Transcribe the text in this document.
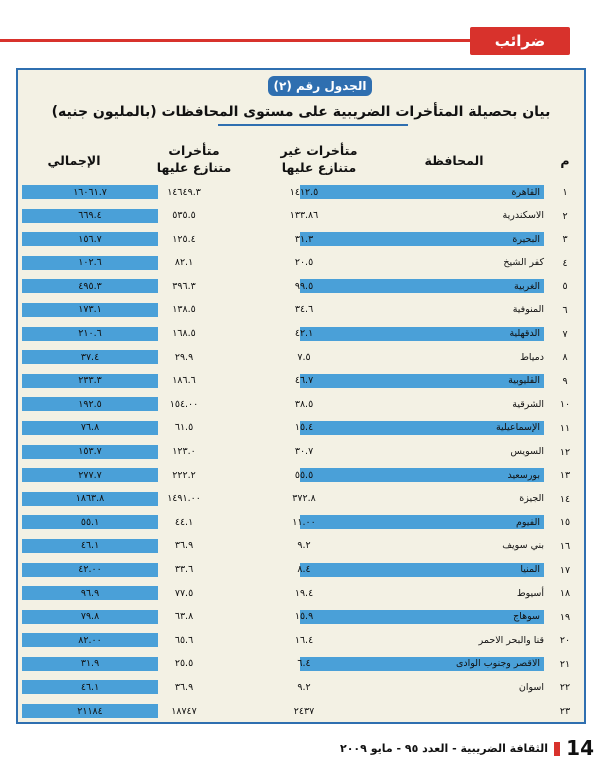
ضرائب
الجدول رقم (٢)
بيان بحصيلة المتأخرات الضريبية على مستوى المحافظات (بالمليون جنيه)
م
المحافظة
متأخرات غير متنازع عليها
متأخرات متنازع عليها
الإجمالي
١
القاهرة
١٤١٢.٥
١٤٦٤٩.٣
١٦٠٦١.٧
٢
الاسكندرية
١٣٣.٨٦
٥٣٥.٥
٦٦٩.٤
٣
البحيرة
٣١.٣
١٢٥.٤
١٥٦.٧
٤
كفر الشيخ
٢٠.٥
٨٢.١
١٠٢.٦
٥
الغربية
٩٩.٥
٣٩٦.٣
٤٩٥.٣
٦
المنوفية
٣٤.٦
١٣٨.٥
١٧٣.١
٧
الدقهلية
٤٢.١
١٦٨.٥
٢١٠.٦
٨
دمياط
٧.٥
٢٩.٩
٣٧.٤
٩
القليوبية
٤٦.٧
١٨٦.٦
٢٣٣.٣
١٠
الشرقية
٣٨.٥
١٥٤.٠٠
١٩٢.٥
١١
الإسماعيلية
١٥.٤
٦١.٥
٧٦.٨
١٢
السويس
٣٠.٧
١٢٣.٠
١٥٣.٧
١٣
بورسعيد
٥٥.٥
٢٢٢.٢
٢٧٧.٧
١٤
الجيزة
٣٧٢.٨
١٤٩١.٠٠
١٨٦٣.٨
١٥
الفيوم
١١.٠٠
٤٤.١
٥٥.١
١٦
بني سويف
٩.٢
٣٦.٩
٤٦.١
١٧
المنيا
٨.٤
٣٣.٦
٤٢.٠٠
١٨
أسيوط
١٩.٤
٧٧.٥
٩٦.٩
١٩
سوهاج
١٥.٩
٦٣.٨
٧٩.٨
٢٠
قنا والبحر الاحمر
١٦.٤
٦٥.٦
٨٢.٠٠
٢١
الاقصر وجنوب الوادى
٦.٤
٢٥.٥
٣١.٩
٢٢
اسوان
٩.٢
٣٦.٩
٤٦.١
٢٣
٢٤٣٧
١٨٧٤٧
٢١١٨٤
14
الثقافة الضريبية - العدد ٩٥ - مايو ٢٠٠٩
